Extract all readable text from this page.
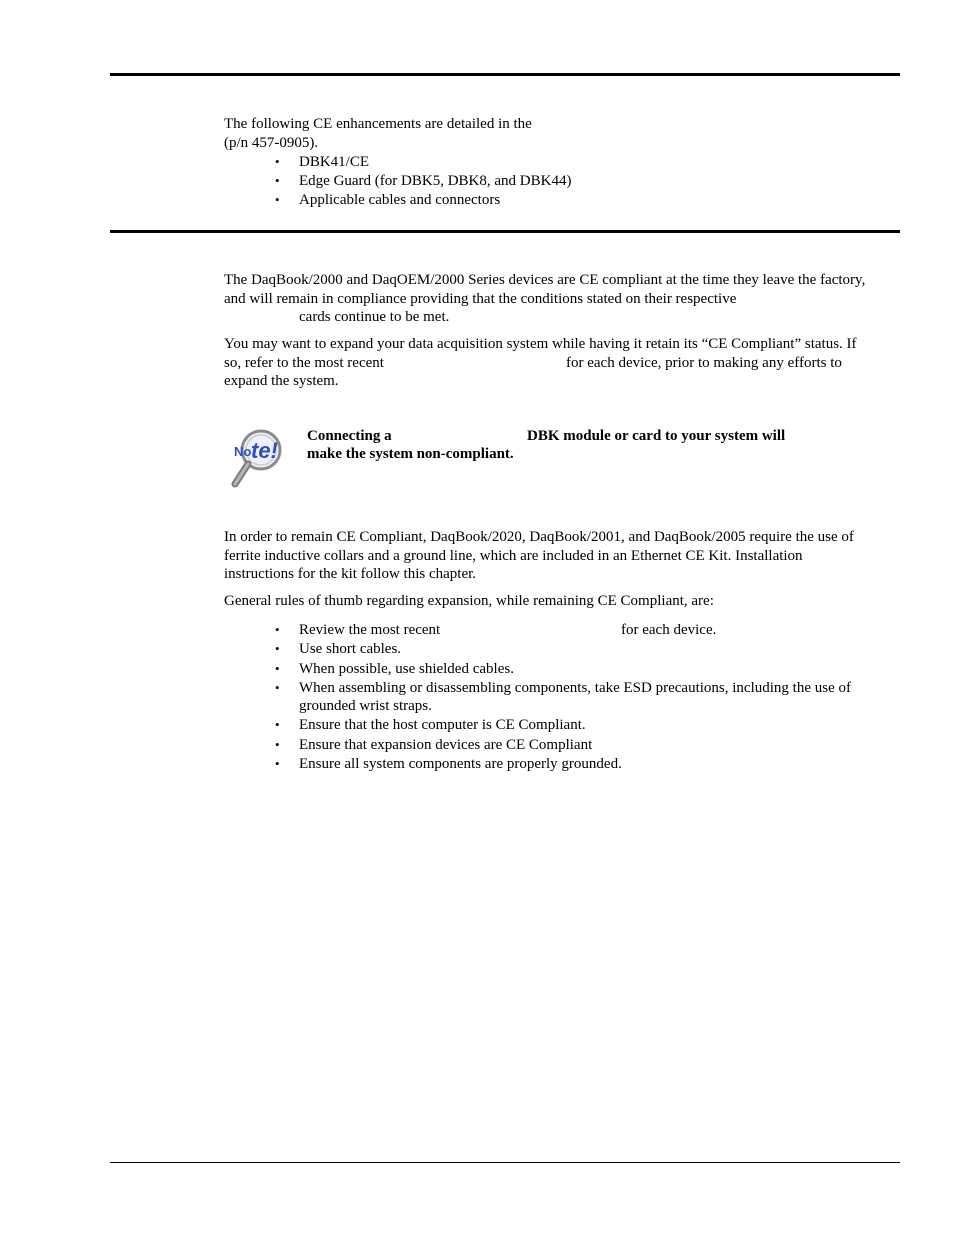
The following CE enhancements are detailed in the
(p/n 457-0905).
• DBK41/CE
• Edge Guard (for DBK5, DBK8, and DBK44)
• Applicable cables and connectors
The DaqBook/2000 and DaqOEM/2000 Series devices are CE compliant at the time they leave the factory,
and will remain in compliance providing that the conditions stated on their respective
cards continue to be met.
You may want to expand your data acquisition system while having it retain its “CE Compliant” status. If
so, refer to the most recent	for each device, prior to making any efforts to
expand the system.
No te!
Connecting a	DBK module or card to your system will
make the system non-compliant.
In order to remain CE Compliant, DaqBook/2020, DaqBook/2001, and DaqBook/2005 require the use of
ferrite inductive collars and a ground line, which are included in an Ethernet CE Kit. Installation
instructions for the kit follow this chapter.
General rules of thumb regarding expansion, while remaining CE Compliant, are:
• Review the most recent	for each device.
• Use short cables.
• When possible, use shielded cables.
• When assembling or disassembling components, take ESD precautions, including the use of
grounded wrist straps.
• Ensure that the host computer is CE Compliant.
• Ensure that expansion devices are CE Compliant
• Ensure all system components are properly grounded.
